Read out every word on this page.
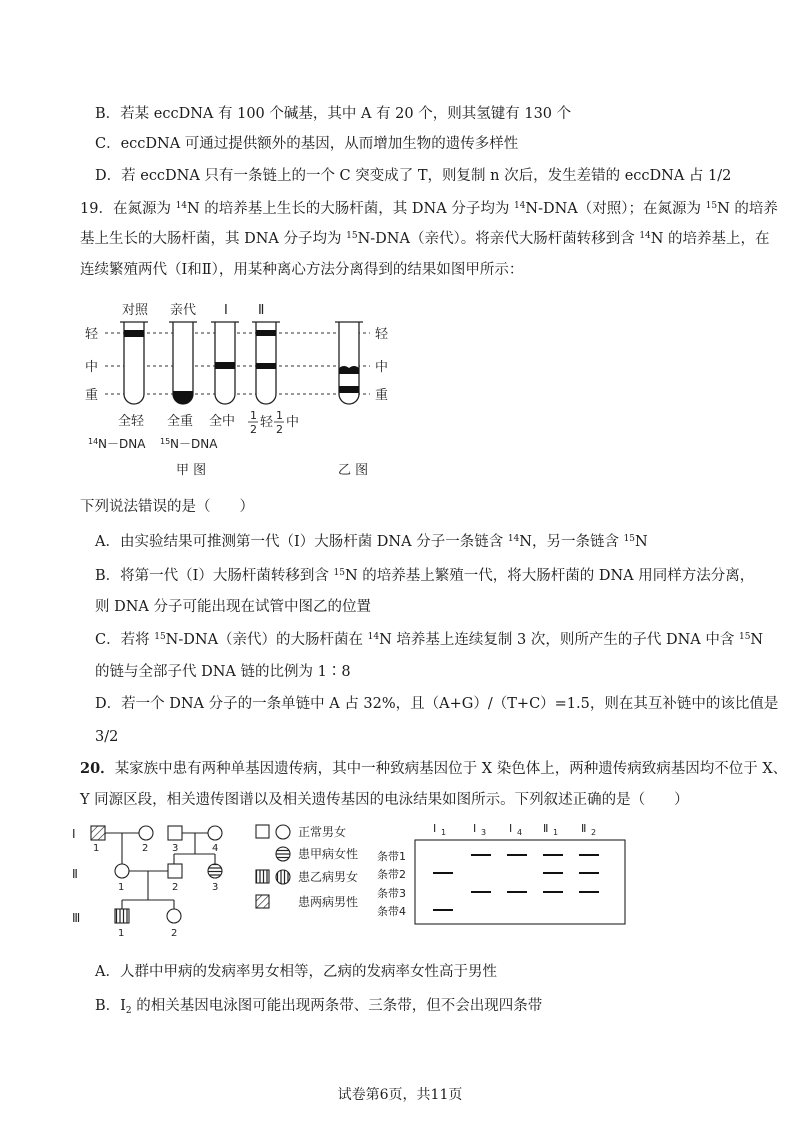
B．若某 eccDNA 有 100 个碱基，其中 A 有 20 个，则其氢键有 130 个
C．eccDNA 可通过提供额外的基因，从而增加生物的遗传多样性
D．若 eccDNA 只有一条链上的一个 C 突变成了 T，则复制 n 次后，发生差错的 eccDNA 占 1/2
19．在氮源为 $^{14}$N 的培养基上生长的大肠杆菌，其 DNA 分子均为 $^{14}$N-DNA（对照）；在氮源为 $^{15}$N 的培养
基上生长的大肠杆菌，其 DNA 分子均为 $^{15}$N-DNA（亲代）。将亲代大肠杆菌转移到含 $^{14}$N 的培养基上，在
连续繁殖两代（Ⅰ和Ⅱ），用某种离心方法分离得到的结果如图甲所示：
对照 亲代 Ⅰ Ⅱ
轻
中
重
轻
中
重
全轻 全重 全中 1
2 轻 1
2 中
14 N－DNA 15 N－DNA
甲 图	乙 图
下列说法错误的是（　　）
A．由实验结果可推测第一代（Ⅰ）大肠杆菌 DNA 分子一条链含 $^{14}$N，另一条链含 $^{15}$N
B．将第一代（Ⅰ）大肠杆菌转移到含 $^{15}$N 的培养基上繁殖一代，将大肠杆菌的 DNA 用同样方法分离，
则 DNA 分子可能出现在试管中图乙的位置
C．若将 $^{15}$N-DNA（亲代）的大肠杆菌在 $^{14}$N 培养基上连续复制 3 次，则所产生的子代 DNA 中含 $^{15}$N
的链与全部子代 DNA 链的比例为 1∶8
D．若一个 DNA 分子的一条单链中 A 占 32%，且（A+G）/（T+C）=1.5，则在其互补链中的该比值是
3/2
20．某家族中患有两种单基因遗传病，其中一种致病基因位于 X 染色体上，两种遗传病致病基因均不位于 X、
Y 同源区段，相关遗传图谱以及相关遗传基因的电泳结果如图所示。下列叙述正确的是（　　）
Ⅰ
Ⅱ
Ⅲ
1	2 3	4
1	2	3
1	2
正常男女
患甲病女性
患乙病男女
患两病男性
Ⅰ 1 Ⅰ 3 Ⅰ 4 Ⅱ 1 Ⅱ 2
条带1
条带2
条带3
条带4
A．人群中甲病的发病率男女相等，乙病的发病率女性高于男性
B．$I_2$ 的相关基因电泳图可能出现两条带、三条带，但不会出现四条带
试卷第6页，共11页
